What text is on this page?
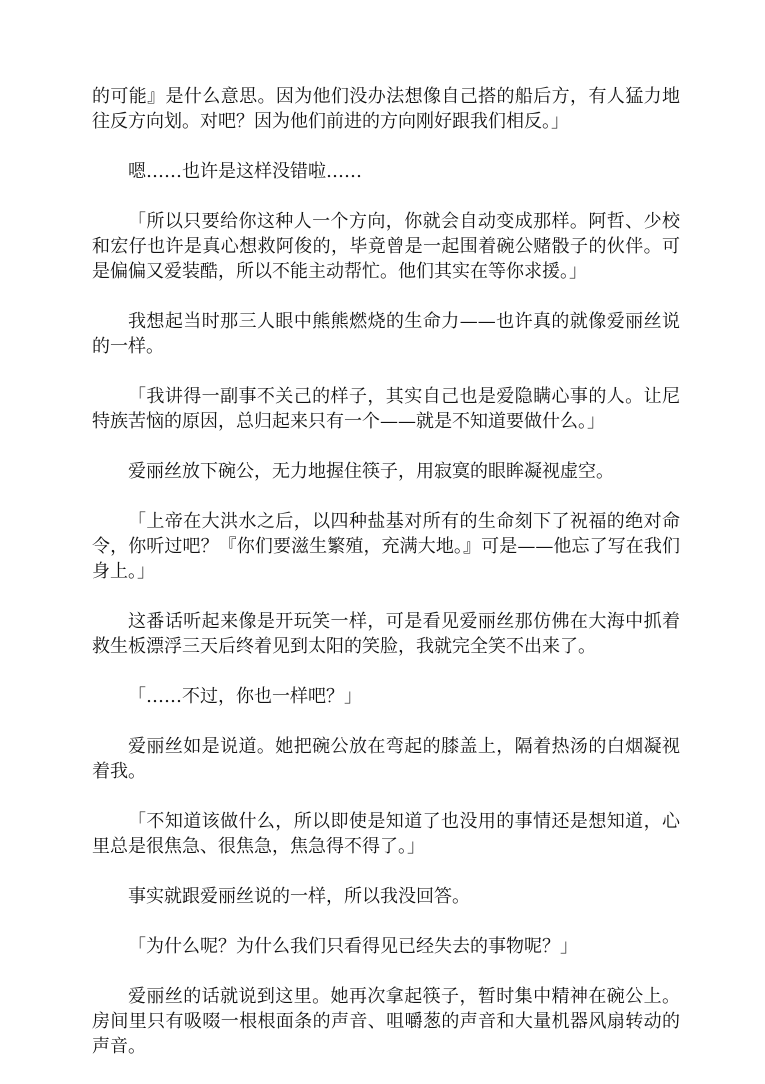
的可能』是什么意思。因为他们没办法想像自己搭的船后方，有人猛力地往反方向划。对吧？因为他们前进的方向刚好跟我们相反。」

嗯……也许是这样没错啦……

「所以只要给你这种人一个方向，你就会自动变成那样。阿哲、少校和宏仔也许是真心想救阿俊的，毕竟曾是一起围着碗公赌骰子的伙伴。可是偏偏又爱装酷，所以不能主动帮忙。他们其实在等你求援。」

我想起当时那三人眼中熊熊燃烧的生命力——也许真的就像爱丽丝说的一样。

「我讲得一副事不关己的样子，其实自己也是爱隐瞒心事的人。让尼特族苦恼的原因，总归起来只有一个——就是不知道要做什么。」

爱丽丝放下碗公，无力地握住筷子，用寂寞的眼眸凝视虚空。

「上帝在大洪水之后，以四种盐基对所有的生命刻下了祝福的绝对命令，你听过吧？『你们要滋生繁殖，充满大地。』可是——他忘了写在我们身上。」

这番话听起来像是开玩笑一样，可是看见爱丽丝那仿佛在大海中抓着救生板漂浮三天后终着见到太阳的笑脸，我就完全笑不出来了。

「……不过，你也一样吧？」

爱丽丝如是说道。她把碗公放在弯起的膝盖上，隔着热汤的白烟凝视着我。

「不知道该做什么，所以即使是知道了也没用的事情还是想知道，心里总是很焦急、很焦急，焦急得不得了。」

事实就跟爱丽丝说的一样，所以我没回答。

「为什么呢？为什么我们只看得见已经失去的事物呢？」

爱丽丝的话就说到这里。她再次拿起筷子，暂时集中精神在碗公上。房间里只有吸啜一根根面条的声音、咀嚼葱的声音和大量机器风扇转动的声音。
